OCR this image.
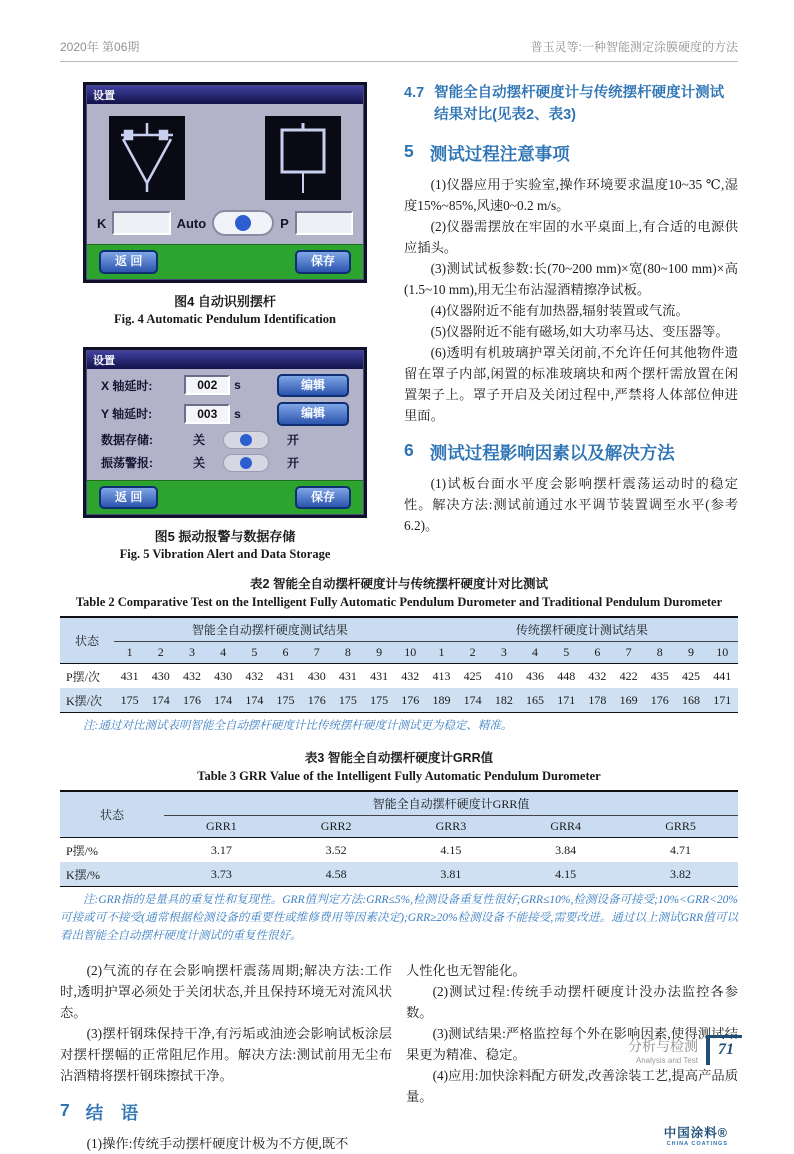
2020年 第06期	普玉灵等:一种智能测定涂膜硬度的方法
设置
K	Auto	P
返 回	保存
图4 自动识别摆杆
Fig. 4 Automatic Pendulum Identification
设置
X 轴延时:	002	s	编辑
Y 轴延时:	003	s	编辑
数据存储:	关	开
振荡警报:	关	开
返 回	保存
图5 振动报警与数据存储
Fig. 5 Vibration Alert and Data Storage
4.7 智能全自动摆杆硬度计与传统摆杆硬度计测试结果对比(见表2、表3)
5 测试过程注意事项

(1)仪器应用于实验室,操作环境要求温度10~35 ℃,湿度15%~85%,风速0~0.2 m/s。

(2)仪器需摆放在牢固的水平桌面上,有合适的电源供应插头。

(3)测试试板参数:长(70~200 mm)×宽(80~100 mm)×高(1.5~10 mm),用无尘布沾湿酒精擦净试板。

(4)仪器附近不能有加热器,辐射装置或气流。

(5)仪器附近不能有磁场,如大功率马达、变压器等。

(6)透明有机玻璃护罩关闭前,不允许任何其他物件遗留在罩子内部,闲置的标准玻璃块和两个摆杆需放置在闲置架子上。罩子开启及关闭过程中,严禁将人体部位伸进里面。

6 测试过程影响因素以及解决方法

(1)试板台面水平度会影响摆杆震荡运动时的稳定性。解决方法:测试前通过水平调节装置调至水平(参考6.2)。

表2 智能全自动摆杆硬度计与传统摆杆硬度计对比测试
Table 2 Comparative Test on the Intelligent Fully Automatic Pendulum Durometer and Traditional Pendulum Durometer
状态	智能全自动摆杆硬度测试结果										传统摆杆硬度计测试结果									
	1	2	3	4	5	6	7	8	9	10	1	2	3	4	5	6	7	8	9	10
P摆/次	431	430	432	430	432	431	430	431	431	432	413	425	410	436	448	432	422	435	425	441
K摆/次	175	174	176	174	174	175	176	175	175	176	189	174	182	165	171	178	169	176	168	171

注:通过对比测试表明智能全自动摆杆硬度计比传统摆杆硬度计测试更为稳定、精准。

表3 智能全自动摆杆硬度计GRR值
Table 3 GRR Value of the Intelligent Fully Automatic Pendulum Durometer
状态	智能全自动摆杆硬度计GRR值				
	GRR1	GRR2	GRR3	GRR4	GRR5
P摆/%	3.17	3.52	4.15	3.84	4.71
K摆/%	3.73	4.58	3.81	4.15	3.82

注:GRR指的是量具的重复性和复现性。GRR值判定方法:GRR≤5%,检测设备重复性很好;GRR≤10%,检测设备可接受;10%<GRR<20%可接或可不接受(通常根据检测设备的重要性或维修费用等因素决定);GRR≥20%检测设备不能接受,需要改进。通过以上测试GRR值可以看出智能全自动摆杆硬度计测试的重复性很好。

(2)气流的存在会影响摆杆震荡周期;解决方法:工作时,透明护罩必须处于关闭状态,并且保持环境无对流风状态。

(3)摆杆钢珠保持干净,有污垢或油迹会影响试板涂层对摆杆摆幅的正常阻尼作用。解决方法:测试前用无尘布沾酒精将摆杆钢珠擦拭干净。

7 结　语

(1)操作:传统手动摆杆硬度计极为不方便,既不

人性化也无智能化。

(2)测试过程:传统手动摆杆硬度计没办法监控各参数。

(3)测试结果:严格监控每个外在影响因素,使得测试结果更为精准、稳定。

(4)应用:加快涂料配方研发,改善涂装工艺,提高产品质量。

中国涂料®
CHINA COATINGS
分析与检测
Analysis and Test
71
